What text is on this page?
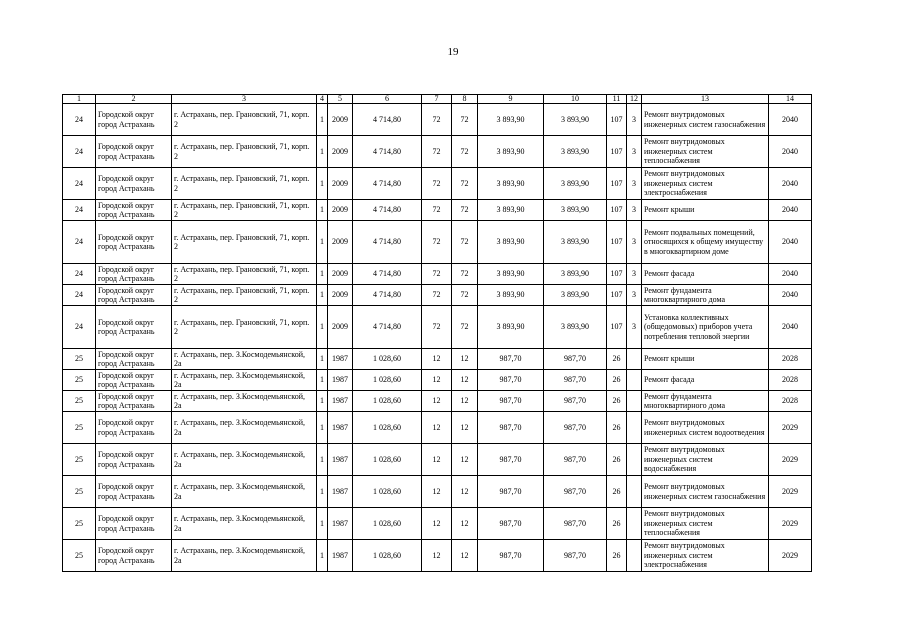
19
1	2	3	4	5	6	7	8	9	10	11	12	13	14
24	Городской округ город Астрахань	г. Астрахань, пер. Грановский, 71, корп. 2	1	2009	4 714,80	72	72	3 893,90	3 893,90	107	3	Ремонт внутридомовых инженерных систем газоснабжения	2040
24	Городской округ город Астрахань	г. Астрахань, пер. Грановский, 71, корп. 2	1	2009	4 714,80	72	72	3 893,90	3 893,90	107	3	Ремонт внутридомовых инженерных систем теплоснабжения	2040
24	Городской округ город Астрахань	г. Астрахань, пер. Грановский, 71, корп. 2	1	2009	4 714,80	72	72	3 893,90	3 893,90	107	3	Ремонт внутридомовых инженерных систем электроснабжения	2040
24	Городской округ город Астрахань	г. Астрахань, пер. Грановский, 71, корп. 2	1	2009	4 714,80	72	72	3 893,90	3 893,90	107	3	Ремонт крыши	2040
24	Городской округ город Астрахань	г. Астрахань, пер. Грановский, 71, корп. 2	1	2009	4 714,80	72	72	3 893,90	3 893,90	107	3	Ремонт подвальных помещений, относящихся к общему имуществу в многоквартирном доме	2040
24	Городской округ город Астрахань	г. Астрахань, пер. Грановский, 71, корп. 2	1	2009	4 714,80	72	72	3 893,90	3 893,90	107	3	Ремонт фасада	2040
24	Городской округ город Астрахань	г. Астрахань, пер. Грановский, 71, корп. 2	1	2009	4 714,80	72	72	3 893,90	3 893,90	107	3	Ремонт фундамента многоквартирного дома	2040
24	Городской округ город Астрахань	г. Астрахань, пер. Грановский, 71, корп. 2	1	2009	4 714,80	72	72	3 893,90	3 893,90	107	3	Установка коллективных (общедомовых) приборов учета потребления тепловой энергии	2040
25	Городской округ город Астрахань	г. Астрахань, пер. З.Космодемьянской, 2а	1	1987	1 028,60	12	12	987,70	987,70	26		Ремонт крыши	2028
25	Городской округ город Астрахань	г. Астрахань, пер. З.Космодемьянской, 2а	1	1987	1 028,60	12	12	987,70	987,70	26		Ремонт фасада	2028
25	Городской округ город Астрахань	г. Астрахань, пер. З.Космодемьянской, 2а	1	1987	1 028,60	12	12	987,70	987,70	26		Ремонт фундамента многоквартирного дома	2028
25	Городской округ город Астрахань	г. Астрахань, пер. З.Космодемьянской, 2а	1	1987	1 028,60	12	12	987,70	987,70	26		Ремонт внутридомовых инженерных систем водоотведения	2029
25	Городской округ город Астрахань	г. Астрахань, пер. З.Космодемьянской, 2а	1	1987	1 028,60	12	12	987,70	987,70	26		Ремонт внутридомовых инженерных систем водоснабжения	2029
25	Городской округ город Астрахань	г. Астрахань, пер. З.Космодемьянской, 2а	1	1987	1 028,60	12	12	987,70	987,70	26		Ремонт внутридомовых инженерных систем газоснабжения	2029
25	Городской округ город Астрахань	г. Астрахань, пер. З.Космодемьянской, 2а	1	1987	1 028,60	12	12	987,70	987,70	26		Ремонт внутридомовых инженерных систем теплоснабжения	2029
25	Городской округ город Астрахань	г. Астрахань, пер. З.Космодемьянской, 2а	1	1987	1 028,60	12	12	987,70	987,70	26		Ремонт внутридомовых инженерных систем электроснабжения	2029
